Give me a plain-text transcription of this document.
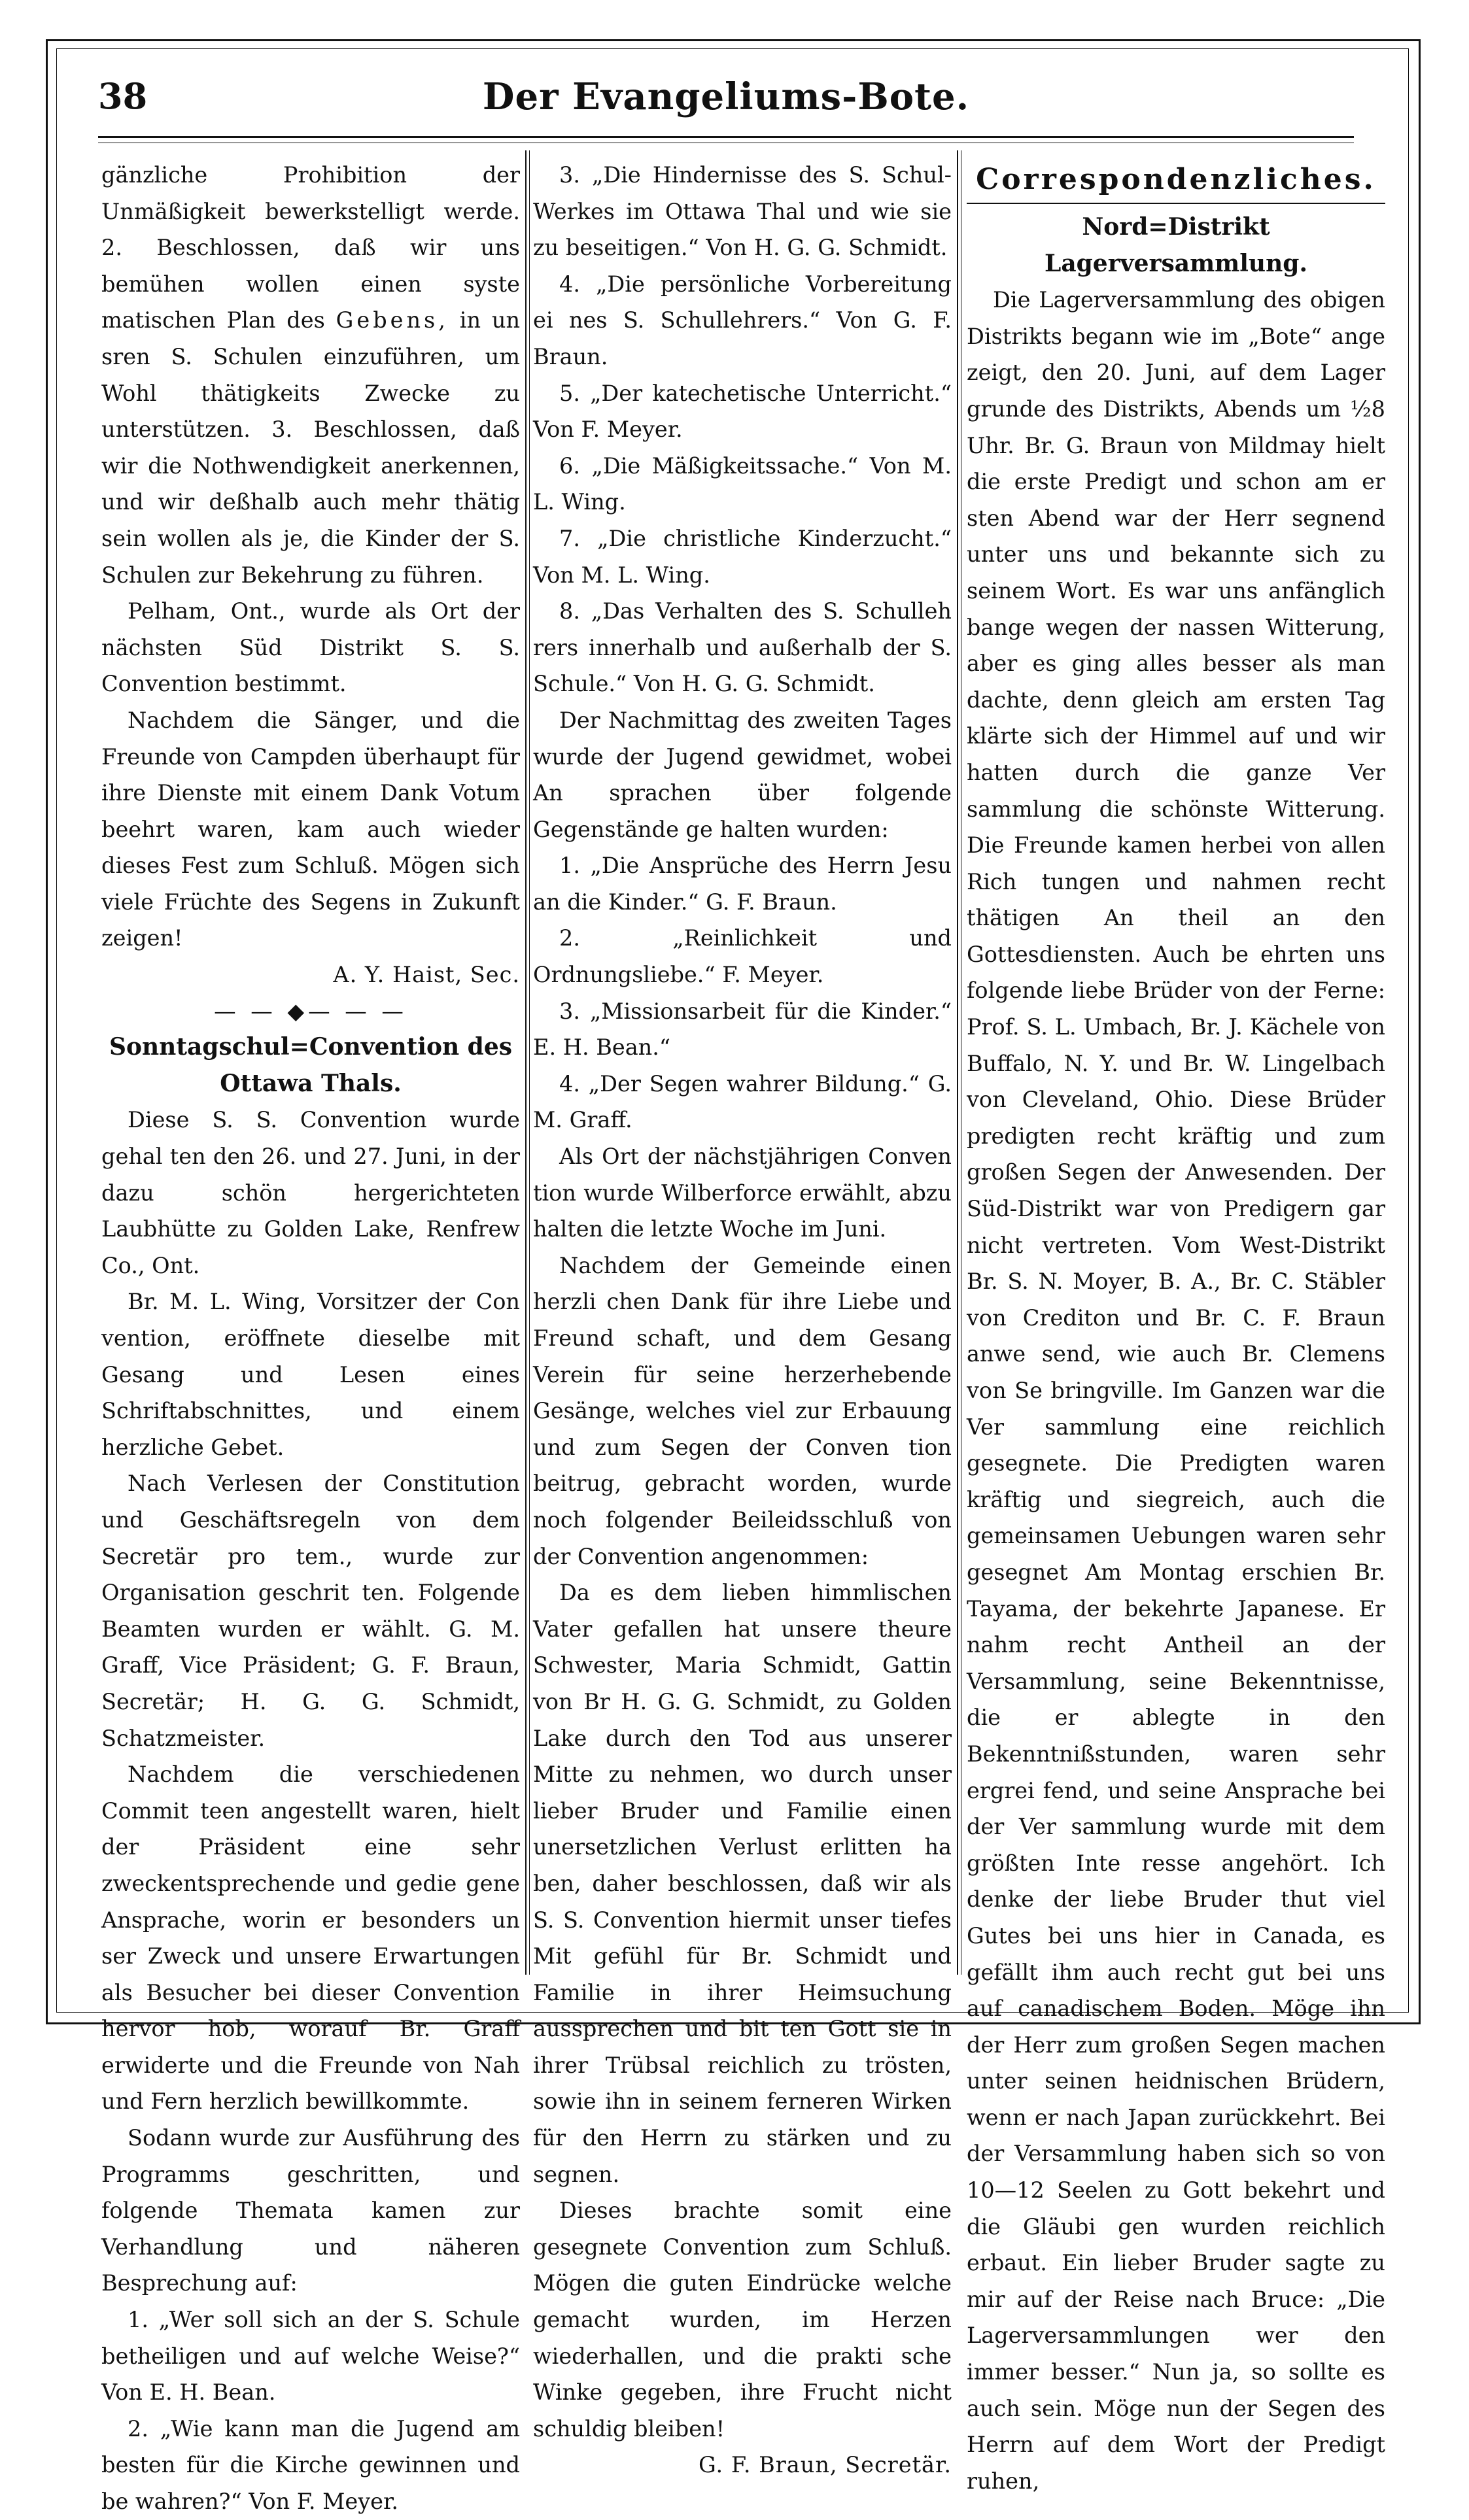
38	Der Evangeliums-Bote.

gänzliche Prohibition der Unmäßigkeit bewerkstelligt werde. 2. Beschlossen, daß wir uns bemühen wollen einen syste matischen Plan des Gebens, in un sren S. Schulen einzuführen, um Wohl thätigkeits Zwecke zu unterstützen. 3. Beschlossen, daß wir die Nothwendigkeit anerkennen, und wir deßhalb auch mehr thätig sein wollen als je, die Kinder der S. Schulen zur Bekehrung zu führen.

Pelham, Ont., wurde als Ort der nächsten Süd Distrikt S. S. Convention bestimmt.

Nachdem die Sänger, und die Freunde von Campden überhaupt für ihre Dienste mit einem Dank Votum beehrt waren, kam auch wieder dieses Fest zum Schluß. Mögen sich viele Früchte des Segens in Zukunft zeigen!

A. Y. Haist, Sec.

— — ◆— — —

Sonntagschul=Convention des Ottawa Thals.

Diese S. S. Convention wurde gehal ten den 26. und 27. Juni, in der dazu schön hergerichteten Laubhütte zu Golden Lake, Renfrew Co., Ont.

Br. M. L. Wing, Vorsitzer der Con vention, eröffnete dieselbe mit Gesang und Lesen eines Schriftabschnittes, und einem herzliche Gebet.

Nach Verlesen der Constitution und Geschäftsregeln von dem Secretär pro tem., wurde zur Organisation geschrit ten. Folgende Beamten wurden er wählt. G. M. Graff, Vice Präsident; G. F. Braun, Secretär; H. G. G. Schmidt, Schatzmeister.

Nachdem die verschiedenen Commit teen angestellt waren, hielt der Präsident eine sehr zweckentsprechende und gedie gene Ansprache, worin er besonders un ser Zweck und unsere Erwartungen als Besucher bei dieser Convention hervor hob, worauf Br. Graff erwiderte und die Freunde von Nah und Fern herzlich bewillkommte.

Sodann wurde zur Ausführung des Programms geschritten, und folgende Themata kamen zur Verhandlung und näheren Besprechung auf:

1. „Wer soll sich an der S. Schule betheiligen und auf welche Weise?“ Von E. H. Bean.

2. „Wie kann man die Jugend am besten für die Kirche gewinnen und be wahren?“ Von F. Meyer.

3. „Die Hindernisse des S. Schul-Werkes im Ottawa Thal und wie sie zu beseitigen.“ Von H. G. G. Schmidt.

4. „Die persönliche Vorbereitung ei nes S. Schullehrers.“ Von G. F. Braun.

5. „Der katechetische Unterricht.“ Von F. Meyer.

6. „Die Mäßigkeitssache.“ Von M. L. Wing.

7. „Die christliche Kinderzucht.“ Von M. L. Wing.

8. „Das Verhalten des S. Schulleh rers innerhalb und außerhalb der S. Schule.“ Von H. G. G. Schmidt.

Der Nachmittag des zweiten Tages wurde der Jugend gewidmet, wobei An sprachen über folgende Gegenstände ge halten wurden:

1. „Die Ansprüche des Herrn Jesu an die Kinder.“ G. F. Braun.

2. „Reinlichkeit und Ordnungsliebe.“ F. Meyer.

3. „Missionsarbeit für die Kinder.“ E. H. Bean.“

4. „Der Segen wahrer Bildung.“ G. M. Graff.

Als Ort der nächstjährigen Conven tion wurde Wilberforce erwählt, abzu halten die letzte Woche im Juni.

Nachdem der Gemeinde einen herzli chen Dank für ihre Liebe und Freund schaft, und dem Gesang Verein für seine herzerhebende Gesänge, welches viel zur Erbauung und zum Segen der Conven tion beitrug, gebracht worden, wurde noch folgender Beileidsschluß von der Convention angenommen:

Da es dem lieben himmlischen Vater gefallen hat unsere theure Schwester, Maria Schmidt, Gattin von Br H. G. G. Schmidt, zu Golden Lake durch den Tod aus unserer Mitte zu nehmen, wo durch unser lieber Bruder und Familie einen unersetzlichen Verlust erlitten ha ben, daher beschlossen, daß wir als S. S. Convention hiermit unser tiefes Mit gefühl für Br. Schmidt und Familie in ihrer Heimsuchung aussprechen und bit ten Gott sie in ihrer Trübsal reichlich zu trösten, sowie ihn in seinem ferneren Wirken für den Herrn zu stärken und zu segnen.

Dieses brachte somit eine gesegnete Convention zum Schluß. Mögen die guten Eindrücke welche gemacht wurden, im Herzen wiederhallen, und die prakti sche Winke gegeben, ihre Frucht nicht schuldig bleiben!

G. F. Braun, Secretär.

Correspondenzliches.

Nord=Distrikt Lagerversammlung.

Die Lagerversammlung des obigen Distrikts begann wie im „Bote“ ange zeigt, den 20. Juni, auf dem Lager grunde des Distrikts, Abends um ½8 Uhr. Br. G. Braun von Mildmay hielt die erste Predigt und schon am er sten Abend war der Herr segnend unter uns und bekannte sich zu seinem Wort. Es war uns anfänglich bange wegen der nassen Witterung, aber es ging alles besser als man dachte, denn gleich am ersten Tag klärte sich der Himmel auf und wir hatten durch die ganze Ver sammlung die schönste Witterung. Die Freunde kamen herbei von allen Rich tungen und nahmen recht thätigen An theil an den Gottesdiensten. Auch be ehrten uns folgende liebe Brüder von der Ferne: Prof. S. L. Umbach, Br. J. Kächele von Buffalo, N. Y. und Br. W. Lingelbach von Cleveland, Ohio. Diese Brüder predigten recht kräftig und zum großen Segen der Anwesenden. Der Süd-Distrikt war von Predigern gar nicht vertreten. Vom West-Distrikt Br. S. N. Moyer, B. A., Br. C. Stäbler von Crediton und Br. C. F. Braun anwe send, wie auch Br. Clemens von Se bringville. Im Ganzen war die Ver sammlung eine reichlich gesegnete. Die Predigten waren kräftig und siegreich, auch die gemeinsamen Uebungen waren sehr gesegnet Am Montag erschien Br. Tayama, der bekehrte Japanese. Er nahm recht Antheil an der Versammlung, seine Bekenntnisse, die er ablegte in den Bekenntnißstunden, waren sehr ergrei fend, und seine Ansprache bei der Ver sammlung wurde mit dem größten Inte resse angehört. Ich denke der liebe Bruder thut viel Gutes bei uns hier in Canada, es gefällt ihm auch recht gut bei uns auf canadischem Boden. Möge ihn der Herr zum großen Segen machen unter seinen heidnischen Brüdern, wenn er nach Japan zurückkehrt. Bei der Versammlung haben sich so von 10—12 Seelen zu Gott bekehrt und die Gläubi gen wurden reichlich erbaut. Ein lieber Bruder sagte zu mir auf der Reise nach Bruce: „Die Lagerversammlungen wer den immer besser.“ Nun ja, so sollte es auch sein. Möge nun der Segen des Herrn auf dem Wort der Predigt ruhen,
